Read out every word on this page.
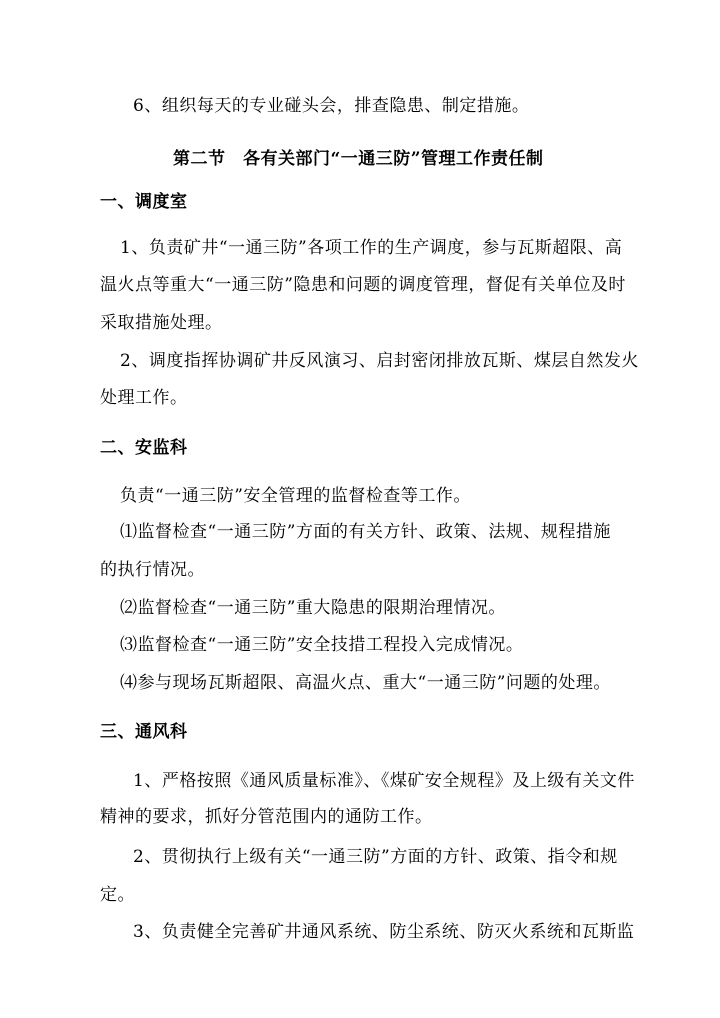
6、组织每天的专业碰头会，排查隐患、制定措施。
第二节　各有关部门“一通三防”管理工作责任制
一、调度室
1、负责矿井“一通三防”各项工作的生产调度，参与瓦斯超限、高
温火点等重大“一通三防”隐患和问题的调度管理，督促有关单位及时
采取措施处理。
2、调度指挥协调矿井反风演习、启封密闭排放瓦斯、煤层自然发火
处理工作。
二、安监科
负责“一通三防”安全管理的监督检查等工作。
⑴监督检查“一通三防”方面的有关方针、政策、法规、规程措施
的执行情况。
⑵监督检查“一通三防”重大隐患的限期治理情况。
⑶监督检查“一通三防”安全技措工程投入完成情况。
⑷参与现场瓦斯超限、高温火点、重大“一通三防”问题的处理。
三、通风科
1、严格按照《通风质量标准》、《煤矿安全规程》及上级有关文件
精神的要求，抓好分管范围内的通防工作。
2、贯彻执行上级有关“一通三防”方面的方针、政策、指令和规
定。
3、负责健全完善矿井通风系统、防尘系统、防灭火系统和瓦斯监
